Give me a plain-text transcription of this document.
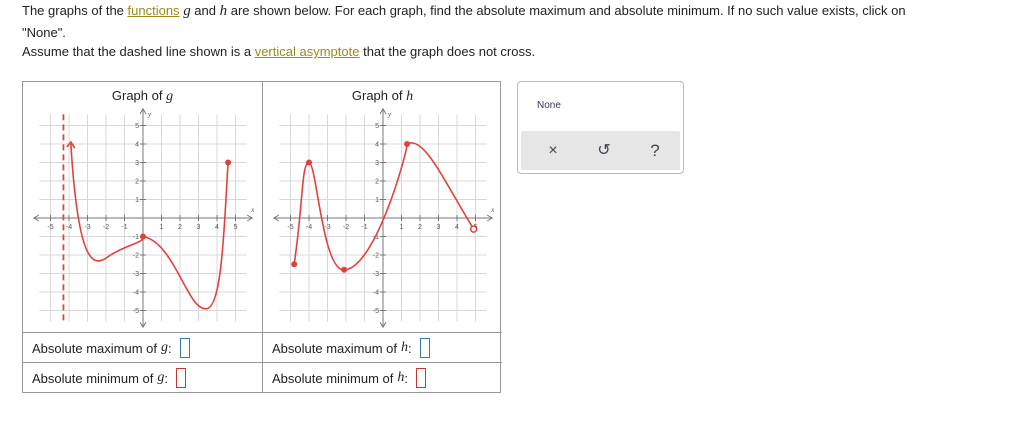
The graphs of the functions g and h are shown below. For each graph, find the absolute maximum and absolute minimum. If no such value exists, click on
"None".
Assume that the dashed line shown is a vertical asymptote that the graph does not cross.
Graph of g
-5 -4 -3 -2 -1	1 2 3 4 5
5
4
3
2
1
-1
-2
-3
-4
-5
x
y
Absolute maximum of g :
Absolute minimum of g :
Graph of h
-5 -4 -3 -2 -1	1 2 3 4
5
4
3
2
1
-1
-2
-3
-4
-5
x
y
Absolute maximum of h :
Absolute minimum of h :
None
×	↺	?
